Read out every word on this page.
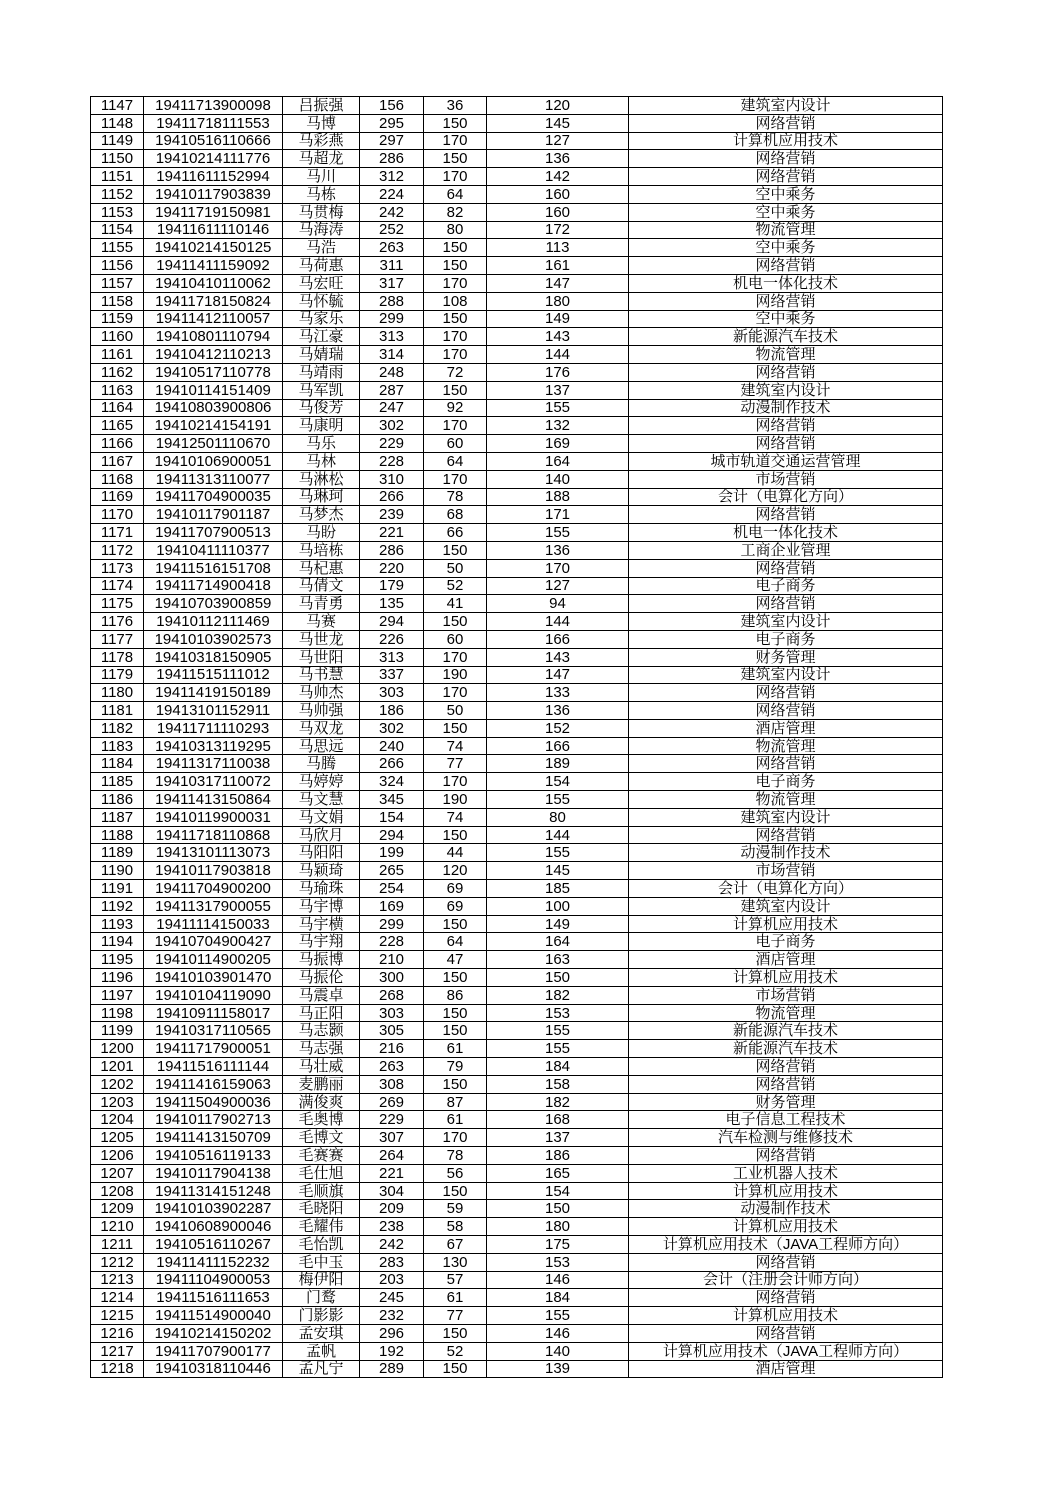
1147	19411713900098	吕振强	156	36	120	建筑室内设计
1148	19411718111553	马博	295	150	145	网络营销
1149	19410516110666	马彩燕	297	170	127	计算机应用技术
1150	19410214111776	马超龙	286	150	136	网络营销
1151	19411611152994	马川	312	170	142	网络营销
1152	19410117903839	马栋	224	64	160	空中乘务
1153	19411719150981	马贯梅	242	82	160	空中乘务
1154	19411611110146	马海涛	252	80	172	物流管理
1155	19410214150125	马浩	263	150	113	空中乘务
1156	19411411159092	马荷惠	311	150	161	网络营销
1157	19410410110062	马宏旺	317	170	147	机电一体化技术
1158	19411718150824	马怀毓	288	108	180	网络营销
1159	19411412110057	马家乐	299	150	149	空中乘务
1160	19410801110794	马江豪	313	170	143	新能源汽车技术
1161	19410412110213	马婧瑞	314	170	144	物流管理
1162	19410517110778	马靖雨	248	72	176	网络营销
1163	19410114151409	马军凯	287	150	137	建筑室内设计
1164	19410803900806	马俊芳	247	92	155	动漫制作技术
1165	19410214154191	马康明	302	170	132	网络营销
1166	19412501110670	马乐	229	60	169	网络营销
1167	19410106900051	马林	228	64	164	城市轨道交通运营管理
1168	19411313110077	马淋松	310	170	140	市场营销
1169	19411704900035	马琳珂	266	78	188	会计（电算化方向）
1170	19410117901187	马梦杰	239	68	171	网络营销
1171	19411707900513	马盼	221	66	155	机电一体化技术
1172	19410411110377	马培栋	286	150	136	工商企业管理
1173	19411516151708	马杞惠	220	50	170	网络营销
1174	19411714900418	马倩文	179	52	127	电子商务
1175	19410703900859	马青勇	135	41	94	网络营销
1176	19410112111469	马赛	294	150	144	建筑室内设计
1177	19410103902573	马世龙	226	60	166	电子商务
1178	19410318150905	马世阳	313	170	143	财务管理
1179	19411515111012	马书慧	337	190	147	建筑室内设计
1180	19411419150189	马帅杰	303	170	133	网络营销
1181	19413101152911	马帅强	186	50	136	网络营销
1182	19411711110293	马双龙	302	150	152	酒店管理
1183	19410313119295	马思远	240	74	166	物流管理
1184	19411317110038	马腾	266	77	189	网络营销
1185	19410317110072	马婷婷	324	170	154	电子商务
1186	19411413150864	马文慧	345	190	155	物流管理
1187	19410119900031	马文娟	154	74	80	建筑室内设计
1188	19411718110868	马欣月	294	150	144	网络营销
1189	19413101113073	马阳阳	199	44	155	动漫制作技术
1190	19410117903818	马颖琦	265	120	145	市场营销
1191	19411704900200	马瑜珠	254	69	185	会计（电算化方向）
1192	19411317900055	马宇博	169	69	100	建筑室内设计
1193	19411114150033	马宇横	299	150	149	计算机应用技术
1194	19410704900427	马宇翔	228	64	164	电子商务
1195	19410114900205	马振博	210	47	163	酒店管理
1196	19410103901470	马振伦	300	150	150	计算机应用技术
1197	19410104119090	马震卓	268	86	182	市场营销
1198	19410911158017	马正阳	303	150	153	物流管理
1199	19410317110565	马志颢	305	150	155	新能源汽车技术
1200	19411717900051	马志强	216	61	155	新能源汽车技术
1201	19411516111144	马壮威	263	79	184	网络营销
1202	19411416159063	麦鹏丽	308	150	158	网络营销
1203	19411504900036	满俊爽	269	87	182	财务管理
1204	19410117902713	毛奥博	229	61	168	电子信息工程技术
1205	19411413150709	毛博文	307	170	137	汽车检测与维修技术
1206	19410516119133	毛赛赛	264	78	186	网络营销
1207	19410117904138	毛仕旭	221	56	165	工业机器人技术
1208	19411314151248	毛顺旗	304	150	154	计算机应用技术
1209	19410103902287	毛晓阳	209	59	150	动漫制作技术
1210	19410608900046	毛耀伟	238	58	180	计算机应用技术
1211	19410516110267	毛怡凯	242	67	175	计算机应用技术（JAVA工程师方向）
1212	19411411152232	毛中玉	283	130	153	网络营销
1213	19411104900053	梅伊阳	203	57	146	会计（注册会计师方向）
1214	19411516111653	门鹜	245	61	184	网络营销
1215	19411514900040	门影影	232	77	155	计算机应用技术
1216	19410214150202	孟安琪	296	150	146	网络营销
1217	19411707900177	孟帆	192	52	140	计算机应用技术（JAVA工程师方向）
1218	19410318110446	孟凡宁	289	150	139	酒店管理
